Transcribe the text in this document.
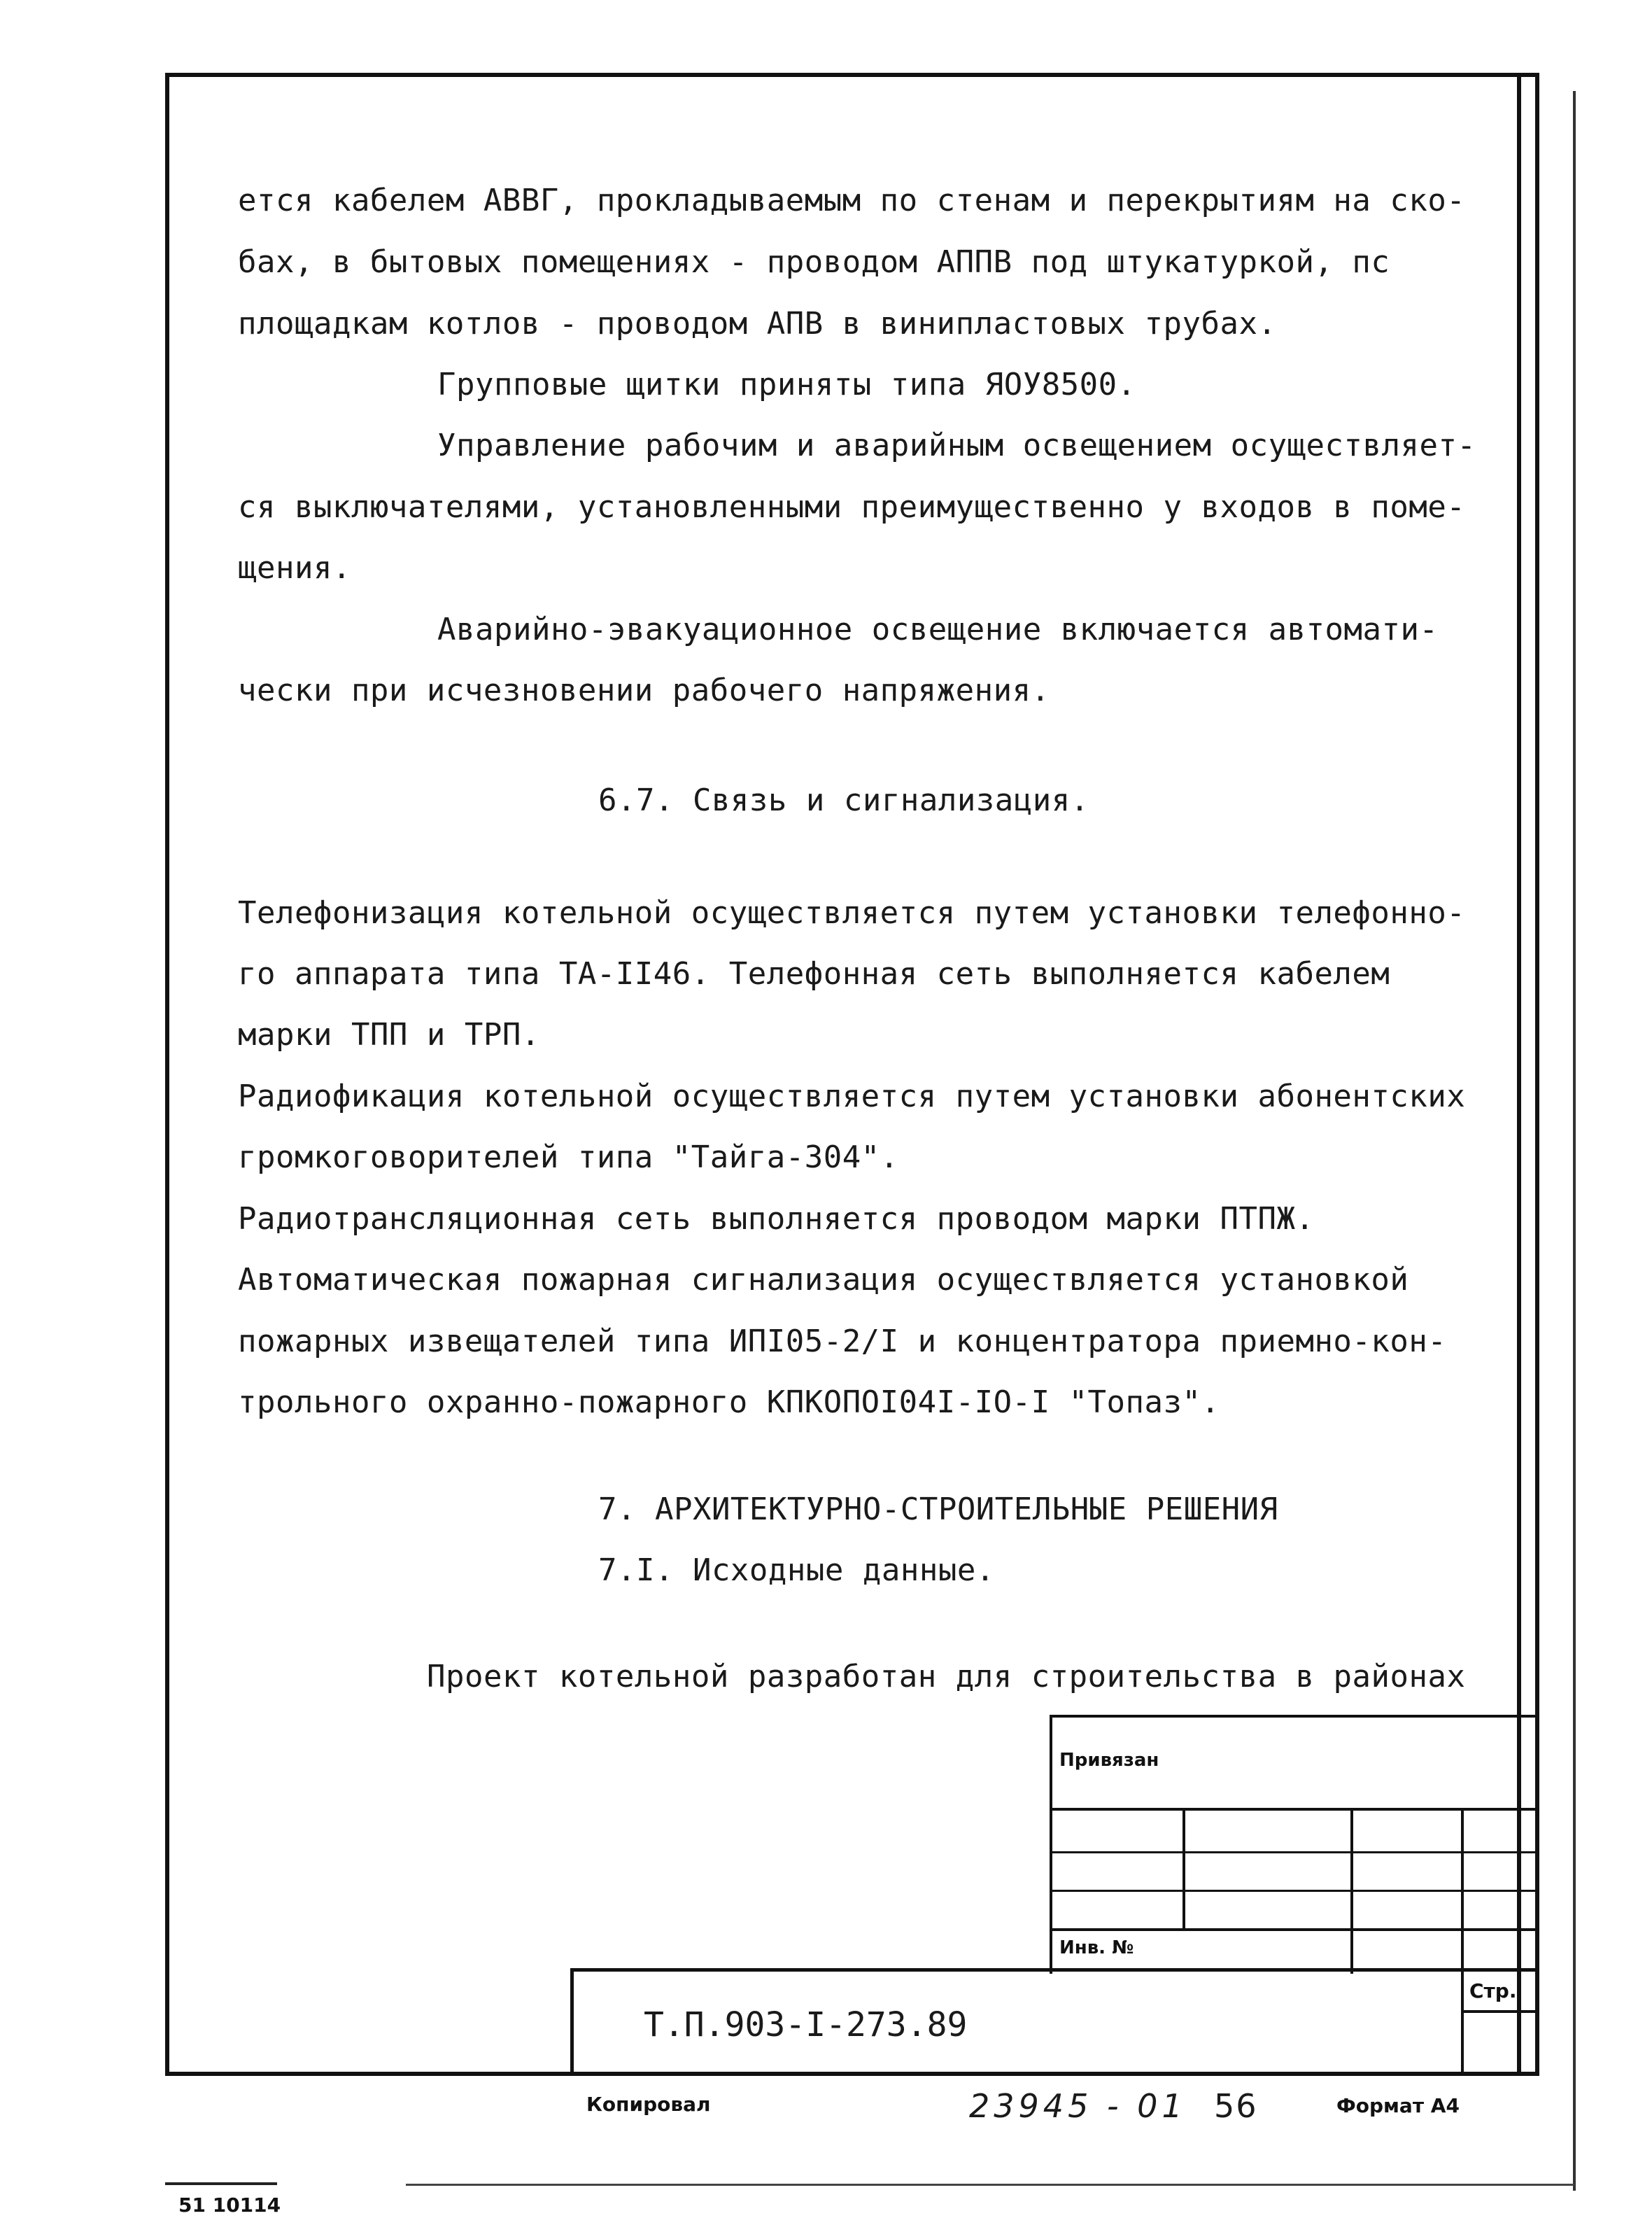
ется кабелем АВВГ, прокладываемым по стенам и перекрытиям на ско-
бах, в бытовых помещениях - проводом АППВ под штукатуркой, пс
площадкам котлов - проводом АПВ в винипластовых трубах.
Групповые щитки приняты типа ЯОУ8500.
Управление рабочим и аварийным освещением осуществляет-
ся выключателями, установленными преимущественно у входов в поме-
щения.
Аварийно-эвакуационное освещение включается автомати-
чески при исчезновении рабочего напряжения.
6.7. Связь и сигнализация.
Телефонизация котельной осуществляется путем установки телефонно-
го аппарата типа ТА-II46. Телефонная сеть выполняется кабелем
марки ТПП и ТРП.
Радиофикация котельной осуществляется путем установки абонентских
громкоговорителей типа "Тайга-304".
Радиотрансляционная сеть выполняется проводом марки ПТПЖ.
Автоматическая пожарная сигнализация осуществляется установкой
пожарных извещателей типа ИПI05-2/I и концентратора приемно-кон-
трольного охранно-пожарного КПКОПОI04I-IO-I "Топаз".
7. АРХИТЕКТУРНО-СТРОИТЕЛЬНЫЕ РЕШЕНИЯ
7.I. Исходные данные.
Проект котельной разработан для строительства в районах
Привязан
Инв. №
Стр.
Т.П.903-I-273.89
Копировал	23945 - 01 56	Формат А4
51 10114
